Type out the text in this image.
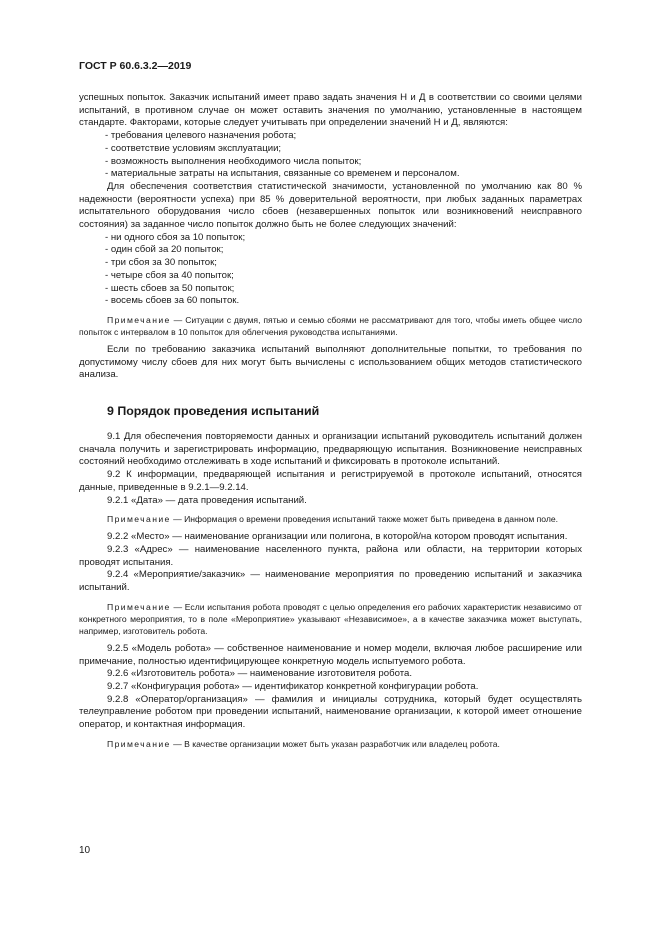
ГОСТ Р 60.6.3.2—2019

успешных попыток. Заказчик испытаний имеет право задать значения Н и Д в соответствии со своими целями испытаний, в противном случае он может оставить значения по умолчанию, установленные в настоящем стандарте. Факторами, которые следует учитывать при определении значений Н и Д, являются:

- требования целевого назначения робота;
- соответствие условиям эксплуатации;
- возможность выполнения необходимого числа попыток;
- материальные затраты на испытания, связанные со временем и персоналом.

Для обеспечения соответствия статистической значимости, установленной по умолчанию как 80 % надежности (вероятности успеха) при 85 % доверительной вероятности, при любых заданных параметрах испытательного оборудования число сбоев (незавершенных попыток или возникновений неисправного состояния) за заданное число попыток должно быть не более следующих значений:

- ни одного сбоя за 10 попыток;
- один сбой за 20 попыток;
- три сбоя за 30 попыток;
- четыре сбоя за 40 попыток;
- шесть сбоев за 50 попыток;
- восемь сбоев за 60 попыток.

Примечание — Ситуации с двумя, пятью и семью сбоями не рассматривают для того, чтобы иметь общее число попыток с интервалом в 10 попыток для облегчения руководства испытаниями.

Если по требованию заказчика испытаний выполняют дополнительные попытки, то требования по допустимому числу сбоев для них могут быть вычислены с использованием общих методов статистического анализа.

9 Порядок проведения испытаний

9.1 Для обеспечения повторяемости данных и организации испытаний руководитель испытаний должен сначала получить и зарегистрировать информацию, предваряющую испытания. Возникновение неисправных состояний необходимо отслеживать в ходе испытаний и фиксировать в протоколе испытаний.

9.2 К информации, предваряющей испытания и регистрируемой в протоколе испытаний, относятся данные, приведенные в 9.2.1—9.2.14.

9.2.1 «Дата» — дата проведения испытаний.

Примечание — Информация о времени проведения испытаний также может быть приведена в данном поле.

9.2.2 «Место» — наименование организации или полигона, в которой/на котором проводят испытания.

9.2.3 «Адрес» — наименование населенного пункта, района или области, на территории которых проводят испытания.

9.2.4 «Мероприятие/заказчик» — наименование мероприятия по проведению испытаний и заказчика испытаний.

Примечание — Если испытания робота проводят с целью определения его рабочих характеристик независимо от конкретного мероприятия, то в поле «Мероприятие» указывают «Независимое», а в качестве заказчика может выступать, например, изготовитель робота.

9.2.5 «Модель робота» — собственное наименование и номер модели, включая любое расширение или примечание, полностью идентифицирующее конкретную модель испытуемого робота.

9.2.6 «Изготовитель робота» — наименование изготовителя робота.

9.2.7 «Конфигурация робота» — идентификатор конкретной конфигурации робота.

9.2.8 «Оператор/организация» — фамилия и инициалы сотрудника, который будет осуществлять телеуправление роботом при проведении испытаний, наименование организации, к которой имеет отношение оператор, и контактная информация.

Примечание — В качестве организации может быть указан разработчик или владелец робота.

10
